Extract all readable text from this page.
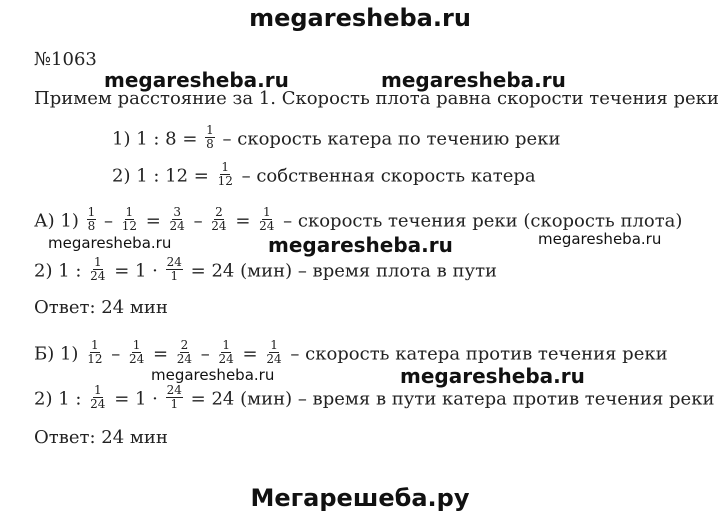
megaresheba.ru
№1063
megaresheba.ru	megaresheba.ru
Примем расстояние за 1. Скорость плота равна скорости течения реки
1) 1 : $8 = \frac{1}{8}$ – скорость катера по течению реки
2) 1 : $12 = \frac{1}{12}$ – собственная скорость катера
А) $1) \frac{1}{8} - \frac{1}{12} = \frac{3}{24} - \frac{2}{24} = \frac{1}{24}$ – скорость течения реки (скорость плота)
megaresheba.ru	megaresheba.ru	megaresheba.ru
2) 1 : $\frac{1}{24} = 1 \cdot \frac{24}{1} = 24$ (мин) – время плота в пути
Ответ: 24 мин
Б) $1) \frac{1}{12} - \frac{1}{24} = \frac{2}{24} - \frac{1}{24} = \frac{1}{24}$ – скорость катера против течения реки
megaresheba.ru	megaresheba.ru
2) 1 : $\frac{1}{24} = 1 \cdot \frac{24}{1} = 24$ (мин) – время в пути катера против течения реки
Ответ: 24 мин
Мегарешеба.ру
